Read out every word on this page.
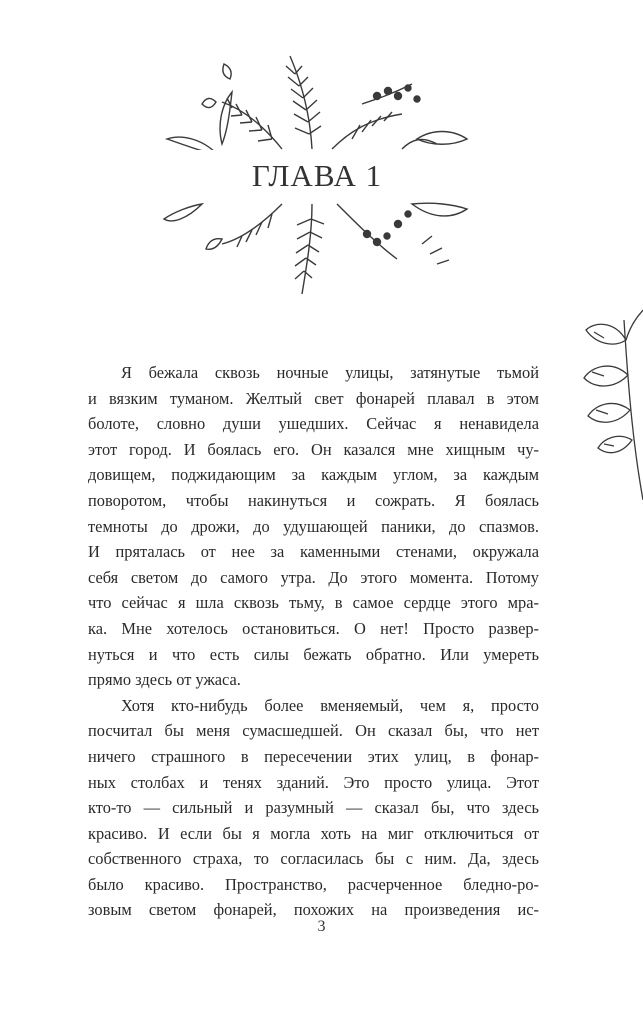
ГЛАВА 1
Я бежала сквозь ночные улицы, затянутые тьмой
и вязким туманом. Желтый свет фонарей плавал в этом
болоте, словно души ушедших. Сейчас я ненавидела
этот город. И боялась его. Он казался мне хищным чу-
довищем, поджидающим за каждым углом, за каждым
поворотом, чтобы накинуться и сожрать. Я боялась
темноты до дрожи, до удушающей паники, до спазмов.
И пряталась от нее за каменными стенами, окружала
себя светом до самого утра. До этого момента. Потому
что сейчас я шла сквозь тьму, в самое сердце этого мра-
ка. Мне хотелось остановиться. О нет! Просто развер-
нуться и что есть силы бежать обратно. Или умереть
прямо здесь от ужаса.
Хотя кто-нибудь более вменяемый, чем я, просто
посчитал бы меня сумасшедшей. Он сказал бы, что нет
ничего страшного в пересечении этих улиц, в фонар-
ных столбах и тенях зданий. Это просто улица. Этот
кто-то — сильный и разумный — сказал бы, что здесь
красиво. И если бы я могла хоть на миг отключиться от
собственного страха, то согласилась бы с ним. Да, здесь
было красиво. Пространство, расчерченное бледно-ро-
зовым светом фонарей, похожих на произведения ис-
3
